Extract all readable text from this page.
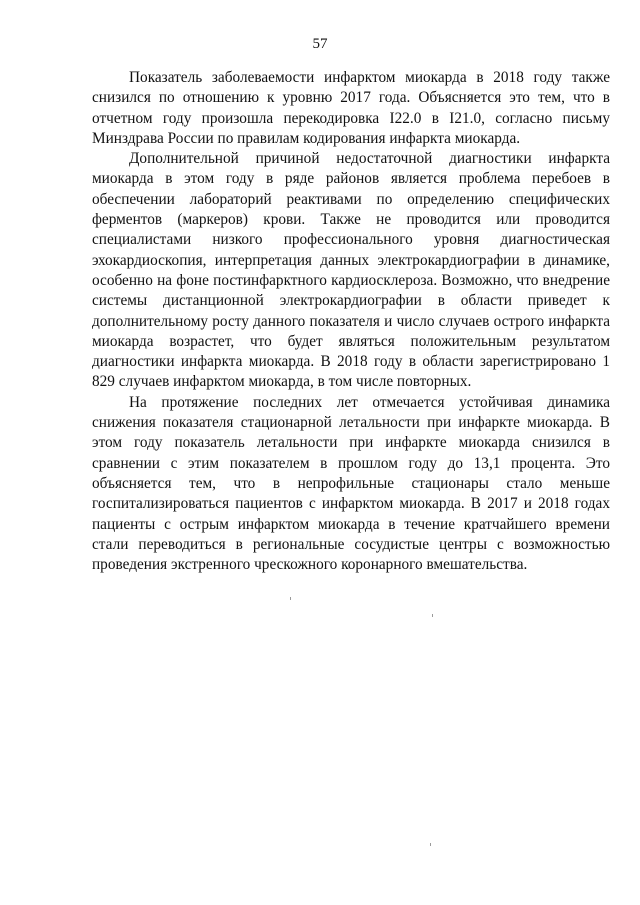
57

Показатель заболеваемости инфарктом миокарда в 2018 году также снизился по отношению к уровню 2017 года. Объясняется это тем, что в отчетном году произошла перекодировка I22.0 в I21.0, согласно письму Минздрава России по правилам кодирования инфаркта миокарда.

Дополнительной причиной недостаточной диагностики инфаркта миокарда в этом году в ряде районов является проблема перебоев в обеспечении лабораторий реактивами по определению специфических ферментов (маркеров) крови. Также не проводится или проводится специалистами низкого профессионального уровня диагностическая эхокардиоскопия, интерпретация данных электрокардиографии в динамике, особенно на фоне постинфарктного кардиосклероза. Возможно, что внедрение системы дистанционной электрокардиографии в области приведет к дополнительному росту данного показателя и число случаев острого инфаркта миокарда возрастет, что будет являться положительным результатом диагностики инфаркта миокарда. В 2018 году в области зарегистрировано 1 829 случаев инфарктом миокарда, в том числе повторных.

На протяжение последних лет отмечается устойчивая динамика снижения показателя стационарной летальности при инфаркте миокарда. В этом году показатель летальности при инфаркте миокарда снизился в сравнении с этим показателем в прошлом году до 13,1 процента. Это объясняется тем, что в непрофильные стационары стало меньше госпитализироваться пациентов с инфарктом миокарда. В 2017 и 2018 годах пациенты с острым инфарктом миокарда в течение кратчайшего времени стали переводиться в региональные сосудистые центры с возможностью проведения экстренного чрескожного коронарного вмешательства.
